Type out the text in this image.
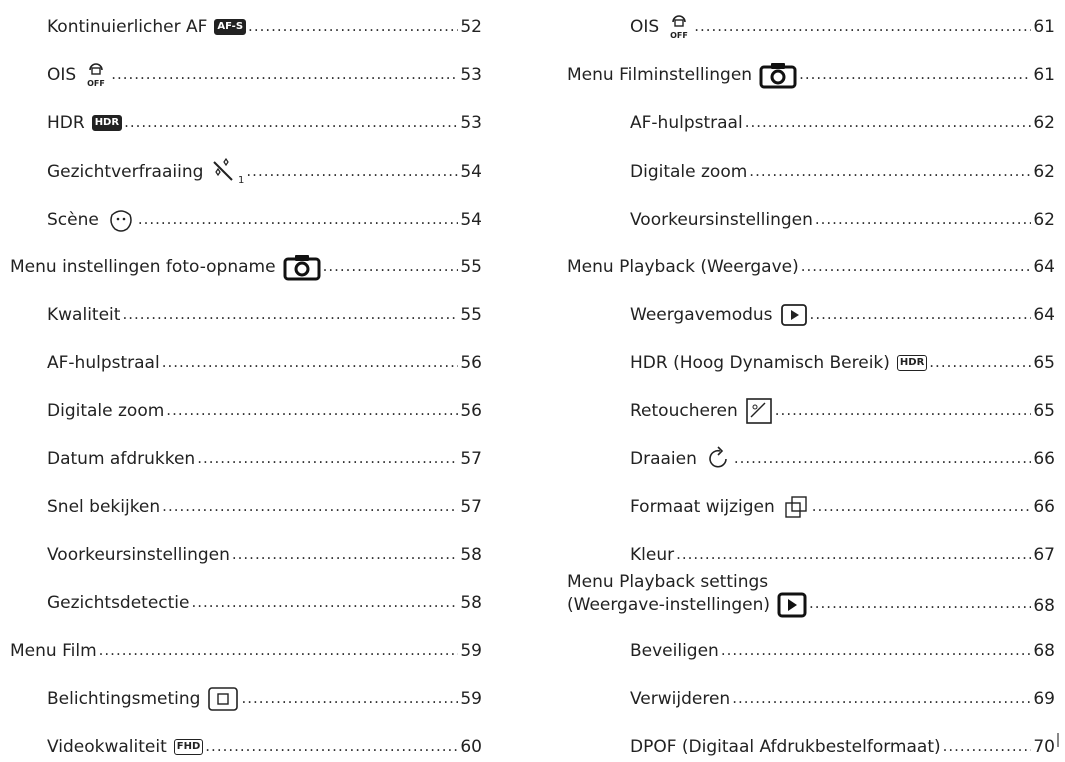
Kontinuierlicher AF	AF-S .....	52
OIS OFF .....	53
HDR	HDR .....	53
Gezichtverfraaiing	1 .....	54
Scène .....	54
Menu instellingen foto-opname .....	55
Kwaliteit .....	55
AF-hulpstraal .....	56
Digitale zoom .....	56
Datum afdrukken .....	57
Snel bekijken .....	57
Voorkeursinstellingen .....	58
Gezichtsdetectie .....	58
Menu Film .....	59
Belichtingsmeting .....	59
Videokwaliteit	FHD .....	60
OIS OFF .....	61
Menu Filminstellingen .....	61
AF-hulpstraal .....	62
Digitale zoom .....	62
Voorkeursinstellingen .....	62
Menu Playback (Weergave) .....	64
Weergavemodus .....	64
HDR (Hoog Dynamisch Bereik)	HDR .....	65
Retoucheren .....	65
Draaien .....	66
Formaat wijzigen .....	66
Kleur .....	67
Menu Playback settings
(Weergave-instellingen) .....	68
Beveiligen .....	68
Verwijderen .....	69
DPOF (Digitaal Afdrukbestelformaat) .....	70
